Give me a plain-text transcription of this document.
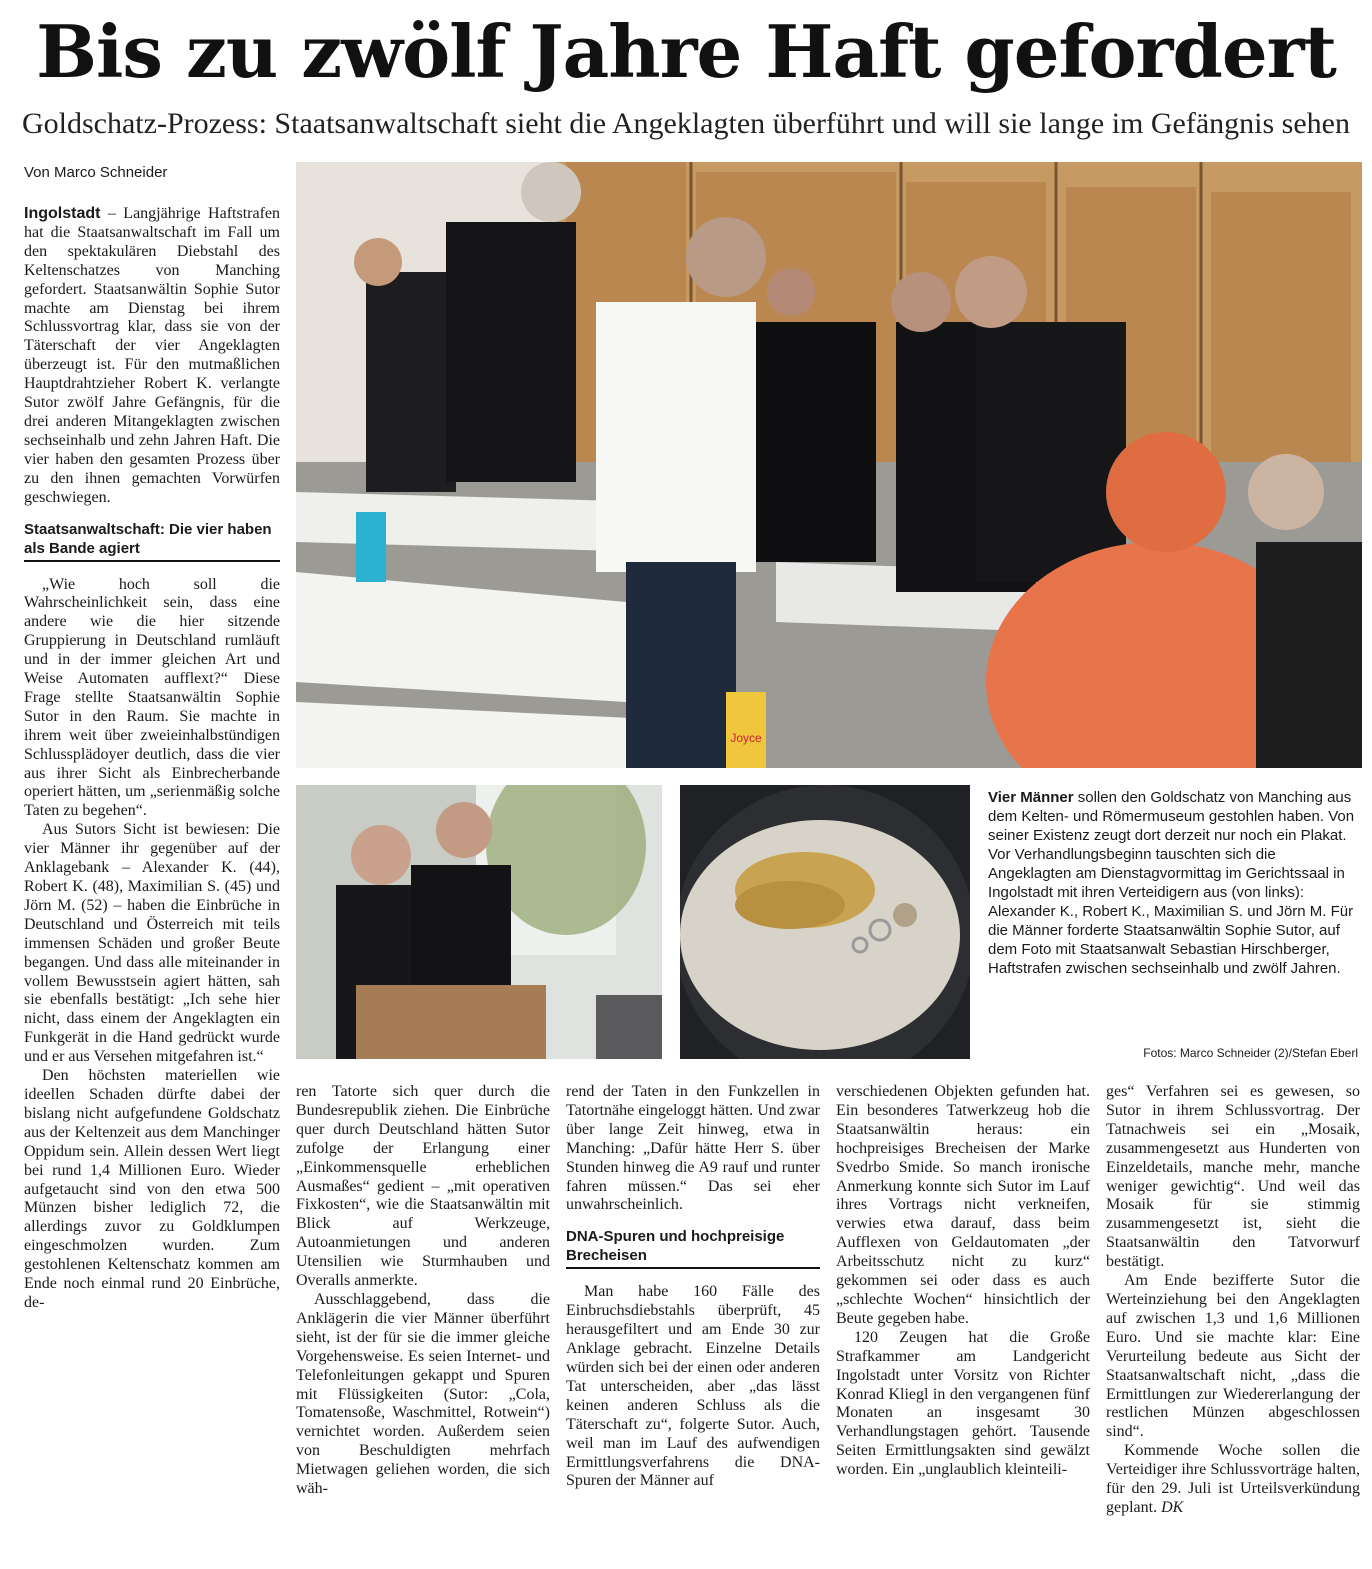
Bis zu zwölf Jahre Haft gefordert
Goldschatz-Prozess: Staatsanwaltschaft sieht die Angeklagten überführt und will sie lange im Gefängnis sehen
Von Marco Schneider

Ingolstadt – Langjährige Haftstrafen hat die Staatsanwaltschaft im Fall um den spektakulären Diebstahl des Keltenschatzes von Manching gefordert. Staatsanwältin Sophie Sutor machte am Dienstag bei ihrem Schlussvortrag klar, dass sie von der Täterschaft der vier Angeklagten überzeugt ist. Für den mutmaßlichen Hauptdrahtzieher Robert K. verlangte Sutor zwölf Jahre Gefängnis, für die drei anderen Mitangeklagten zwischen sechseinhalb und zehn Jahren Haft. Die vier haben den gesamten Prozess über zu den ihnen gemachten Vorwürfen geschwiegen.

Staatsanwaltschaft: Die vier haben als Bande agiert

„Wie hoch soll die Wahrscheinlichkeit sein, dass eine andere wie die hier sitzende Gruppierung in Deutschland rumläuft und in der immer gleichen Art und Weise Automaten aufflext?“ Diese Frage stellte Staatsanwältin Sophie Sutor in den Raum. Sie machte in ihrem weit über zweieinhalbstündigen Schlussplädoyer deutlich, dass die vier aus ihrer Sicht als Einbrecherbande operiert hätten, um „serienmäßig solche Taten zu begehen“.

Aus Sutors Sicht ist bewiesen: Die vier Männer ihr gegenüber auf der Anklagebank – Alexander K. (44), Robert K. (48), Maximilian S. (45) und Jörn M. (52) – haben die Einbrüche in Deutschland und Österreich mit teils immensen Schäden und großer Beute begangen. Und dass alle miteinander in vollem Bewusstsein agiert hätten, sah sie ebenfalls bestätigt: „Ich sehe hier nicht, dass einem der Angeklagten ein Funkgerät in die Hand gedrückt wurde und er aus Versehen mitgefahren ist.“

Den höchsten materiellen wie ideellen Schaden dürfte dabei der bislang nicht aufgefundene Goldschatz aus der Keltenzeit aus dem Manchinger Oppidum sein. Allein dessen Wert liegt bei rund 1,4 Millionen Euro. Wieder aufgetaucht sind von den etwa 500 Münzen bisher lediglich 72, die allerdings zuvor zu Goldklumpen eingeschmolzen wurden. Zum gestohlenen Keltenschatz kommen am Ende noch einmal rund 20 Einbrüche, de-

Joyce
Vier Männer sollen den Goldschatz von Manching aus dem Kelten- und Römermuseum gestohlen haben. Von seiner Existenz zeugt dort derzeit nur noch ein Plakat. Vor Verhandlungsbeginn tauschten sich die Angeklagten am Dienstagvormittag im Gerichtssaal in Ingolstadt mit ihren Verteidigern aus (von links): Alexander K., Robert K., Maximilian S. und Jörn M. Für die Männer forderte Staatsanwältin Sophie Sutor, auf dem Foto mit Staatsanwalt Sebastian Hirschberger, Haftstrafen zwischen sechseinhalb und zwölf Jahren.
Fotos: Marco Schneider (2)/Stefan Eberl

ren Tatorte sich quer durch die Bundesrepublik ziehen. Die Einbrüche quer durch Deutschland hätten Sutor zufolge der Erlangung einer „Einkommensquelle erheblichen Ausmaßes“ gedient – „mit operativen Fixkosten“, wie die Staatsanwältin mit Blick auf Werkzeuge, Autoanmietungen und anderen Utensilien wie Sturmhauben und Overalls anmerkte.

Ausschlaggebend, dass die Anklägerin die vier Männer überführt sieht, ist der für sie die immer gleiche Vorgehensweise. Es seien Internet- und Telefonleitungen gekappt und Spuren mit Flüssigkeiten (Sutor: „Cola, Tomatensoße, Waschmittel, Rotwein“) vernichtet worden. Außerdem seien von Beschuldigten mehrfach Mietwagen geliehen worden, die sich wäh-

rend der Taten in den Funkzellen in Tatortnähe eingeloggt hätten. Und zwar über lange Zeit hinweg, etwa in Manching: „Dafür hätte Herr S. über Stunden hinweg die A9 rauf und runter fahren müssen.“ Das sei eher unwahrscheinlich.

DNA-Spuren und hochpreisige Brecheisen

Man habe 160 Fälle des Einbruchsdiebstahls überprüft, 45 herausgefiltert und am Ende 30 zur Anklage gebracht. Einzelne Details würden sich bei der einen oder anderen Tat unterscheiden, aber „das lässt keinen anderen Schluss als die Täterschaft zu“, folgerte Sutor. Auch, weil man im Lauf des aufwendigen Ermittlungsverfahrens die DNA-Spuren der Männer auf

verschiedenen Objekten gefunden hat. Ein besonderes Tatwerkzeug hob die Staatsanwältin heraus: ein hochpreisiges Brecheisen der Marke Svedrbo Smide. So manch ironische Anmerkung konnte sich Sutor im Lauf ihres Vortrags nicht verkneifen, verwies etwa darauf, dass beim Aufflexen von Geldautomaten „der Arbeitsschutz nicht zu kurz“ gekommen sei oder dass es auch „schlechte Wochen“ hinsichtlich der Beute gegeben habe.

120 Zeugen hat die Große Strafkammer am Landgericht Ingolstadt unter Vorsitz von Richter Konrad Kliegl in den vergangenen fünf Monaten an insgesamt 30 Verhandlungstagen gehört. Tausende Seiten Ermittlungsakten sind gewälzt worden. Ein „unglaublich kleinteili-

ges“ Verfahren sei es gewesen, so Sutor in ihrem Schlussvortrag. Der Tatnachweis sei ein „Mosaik, zusammengesetzt aus Hunderten von Einzeldetails, manche mehr, manche weniger gewichtig“. Und weil das Mosaik für sie stimmig zusammengesetzt ist, sieht die Staatsanwältin den Tatvorwurf bestätigt.

Am Ende bezifferte Sutor die Werteinziehung bei den Angeklagten auf zwischen 1,3 und 1,6 Millionen Euro. Und sie machte klar: Eine Verurteilung bedeute aus Sicht der Staatsanwaltschaft nicht, „dass die Ermittlungen zur Wiedererlangung der restlichen Münzen abgeschlossen sind“.

Kommende Woche sollen die Verteidiger ihre Schlussvorträge halten, für den 29. Juli ist Urteilsverkündung geplant. DK
